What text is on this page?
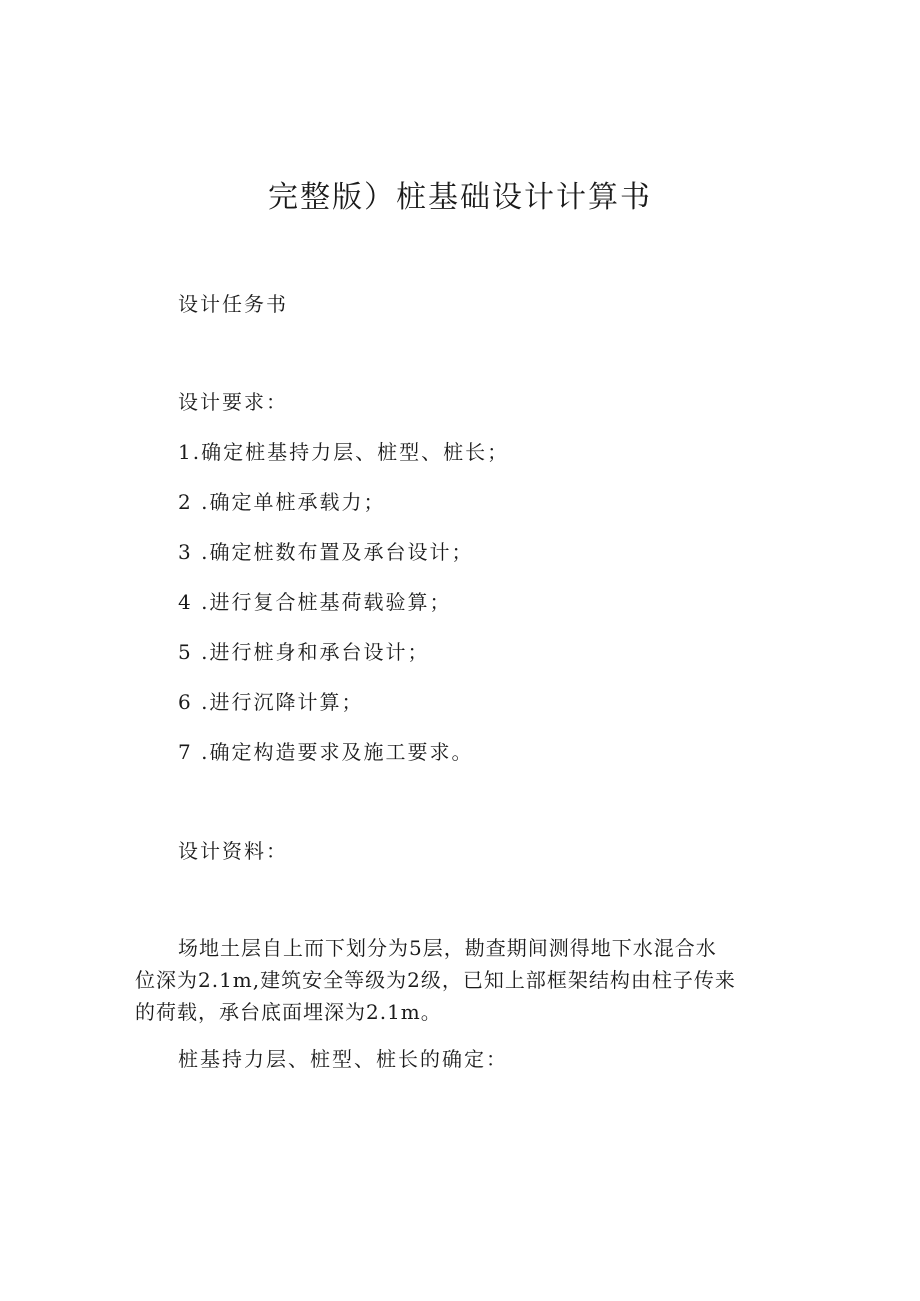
完整版）桩基础设计计算书
设计任务书
设计要求：
1.确定桩基持力层、桩型、桩长；
2 .确定单桩承载力；
3 .确定桩数布置及承台设计；
4 .进行复合桩基荷载验算；
5 .进行桩身和承台设计；
6 .进行沉降计算；
7 .确定构造要求及施工要求。
设计资料：
场地土层自上而下划分为5层，勘查期间测得地下水混合水
位深为2.1m,建筑安全等级为2级，已知上部框架结构由柱子传来
的荷载，承台底面埋深为2.1m。
桩基持力层、桩型、桩长的确定：
